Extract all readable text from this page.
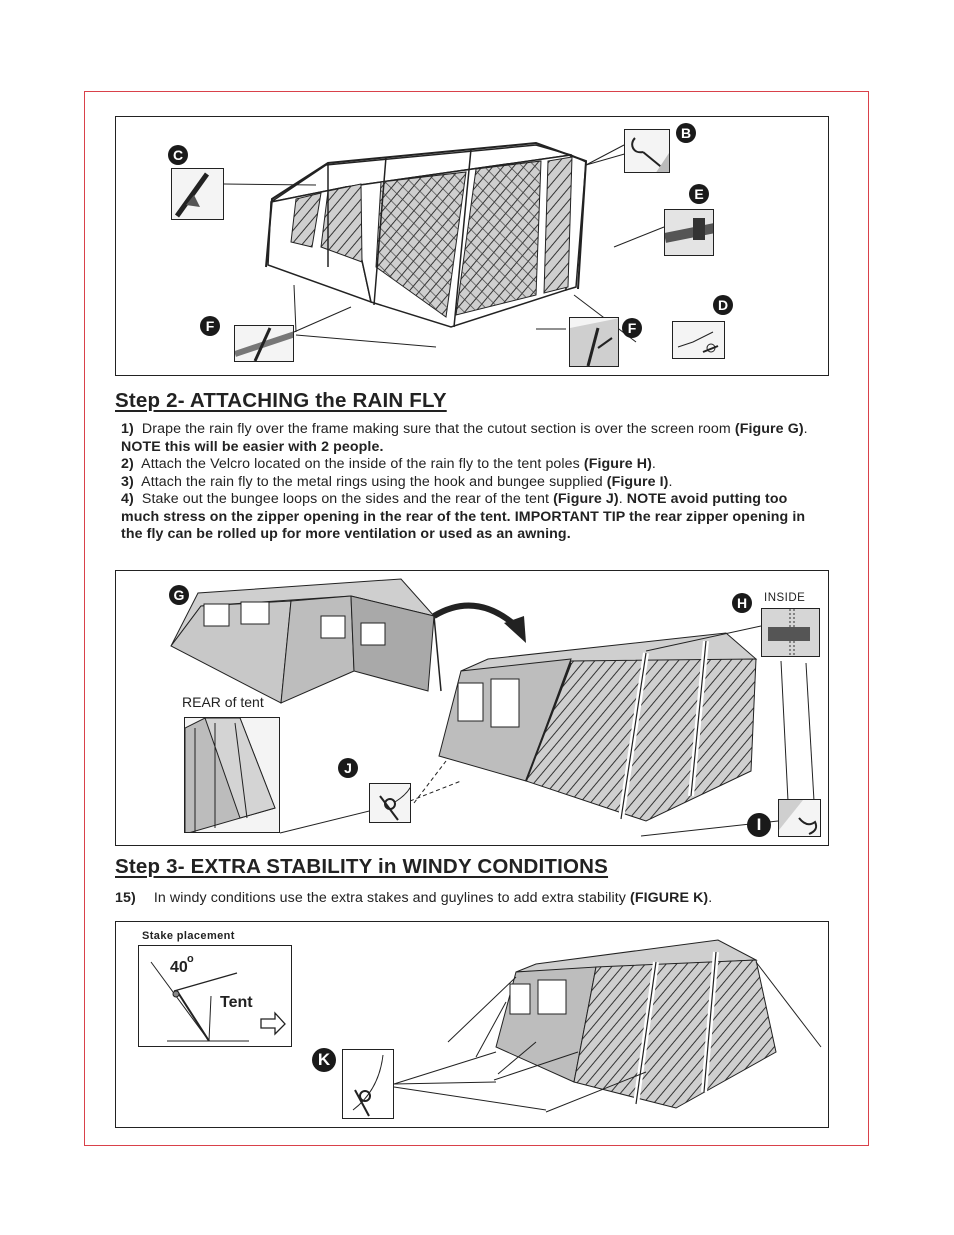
C
B
E
D
F	F
Step 2- ATTACHING the RAIN FLY

1) Drape the rain fly over the frame making sure that the cutout section is over the screen room (Figure G). NOTE this will be easier with 2 people.

2) Attach the Velcro located on the inside of the rain fly to the tent poles (Figure H).

3) Attach the rain fly to the metal rings using the hook and bungee supplied (Figure I).

4) Stake out the bungee loops on the sides and the rear of the tent (Figure J). NOTE avoid putting too much stress on the zipper opening in the rear of the tent. IMPORTANT TIP the rear zipper opening in the fly can be rolled up for more ventilation or used as an awning.

REAR of tent
INSIDE
G	H
J
I
Step 3- EXTRA STABILITY in WINDY CONDITIONS
15) In windy conditions use the extra stakes and guylines to add extra stability (FIGURE K).
Stake placement
40 o
Tent
K
